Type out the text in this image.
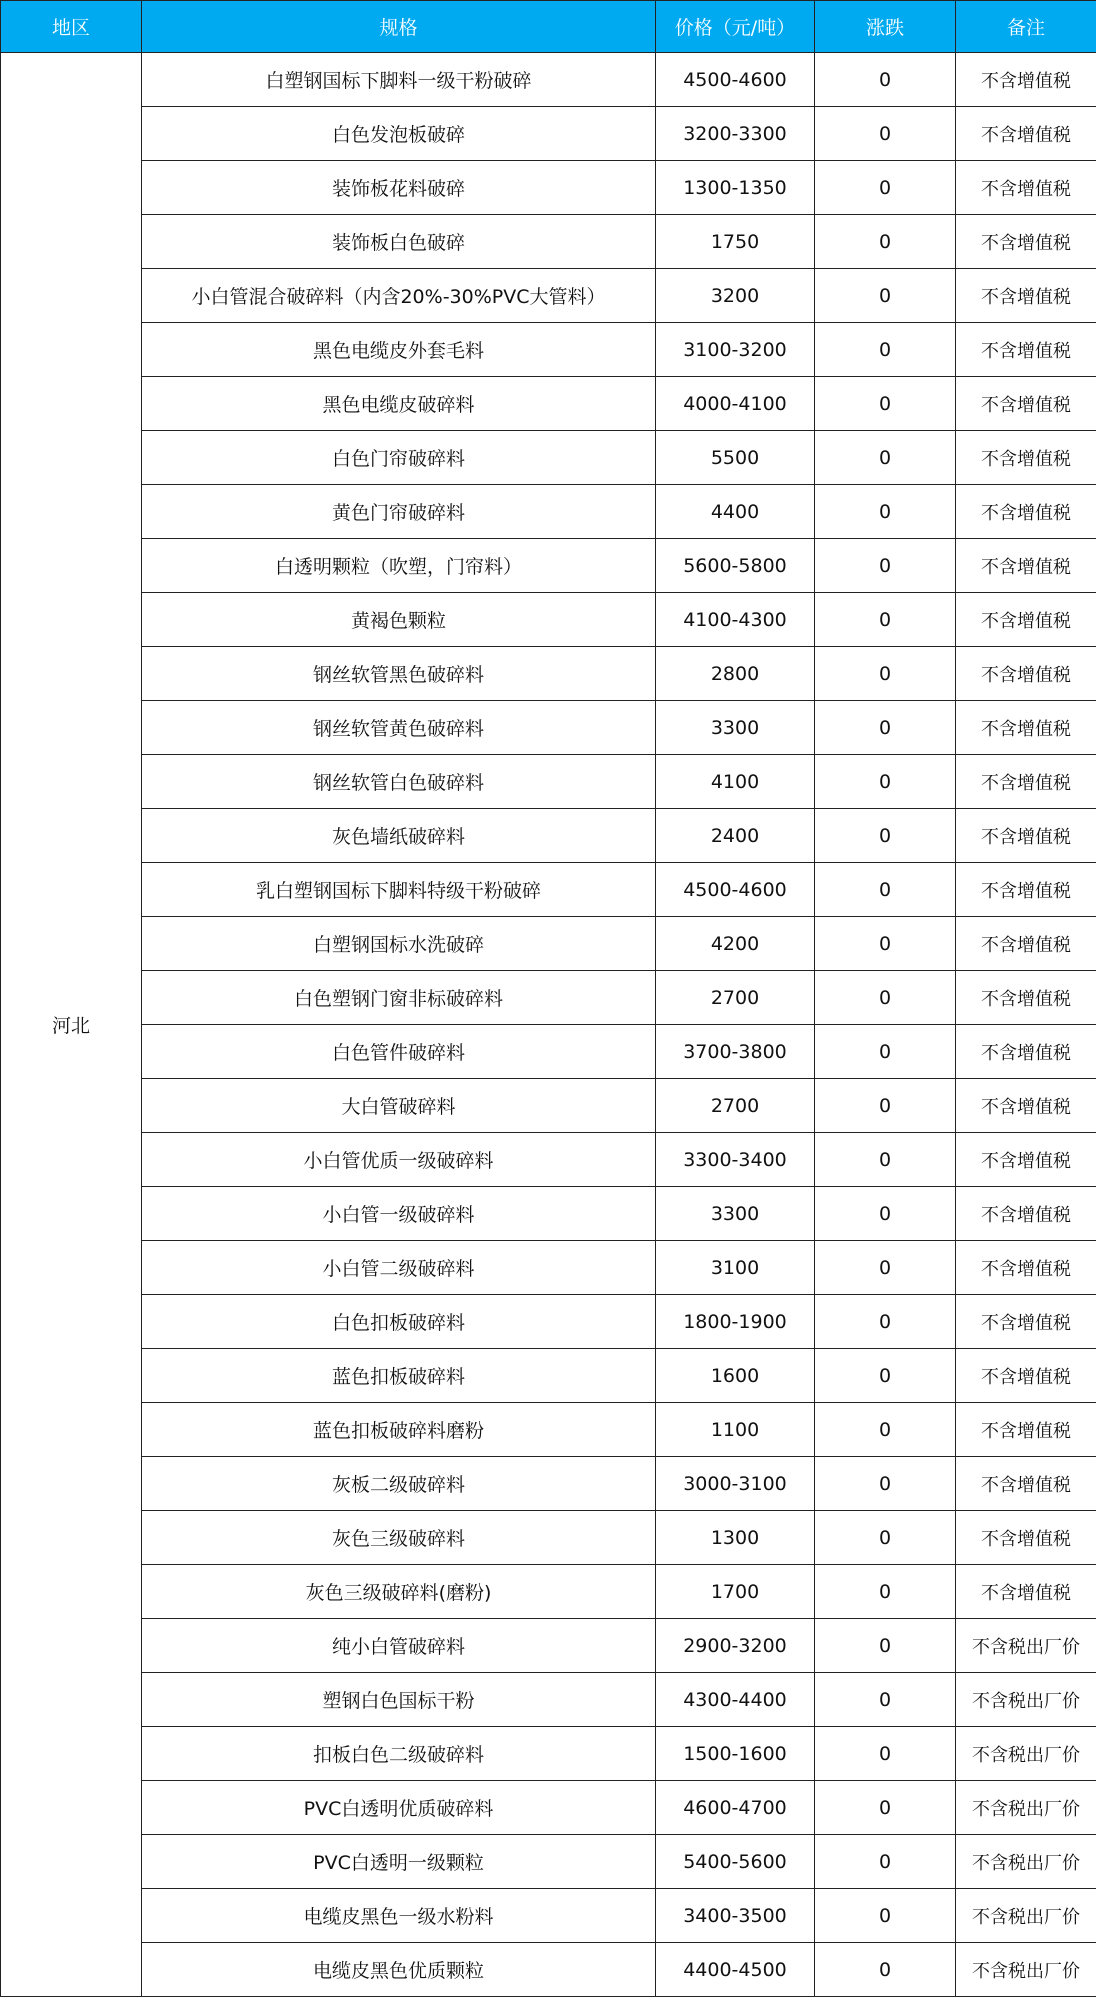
地区	规格	价格（元/吨）	涨跌	备注
河北	白塑钢国标下脚料一级干粉破碎	4500-4600	0	不含增值税
	白色发泡板破碎	3200-3300	0	不含增值税
	装饰板花料破碎	1300-1350	0	不含增值税
	装饰板白色破碎	1750	0	不含增值税
	小白管混合破碎料（内含20%-30%PVC大管料）	3200	0	不含增值税
	黑色电缆皮外套毛料	3100-3200	0	不含增值税
	黑色电缆皮破碎料	4000-4100	0	不含增值税
	白色门帘破碎料	5500	0	不含增值税
	黄色门帘破碎料	4400	0	不含增值税
	白透明颗粒（吹塑，门帘料）	5600-5800	0	不含增值税
	黄褐色颗粒	4100-4300	0	不含增值税
	钢丝软管黑色破碎料	2800	0	不含增值税
	钢丝软管黄色破碎料	3300	0	不含增值税
	钢丝软管白色破碎料	4100	0	不含增值税
	灰色墙纸破碎料	2400	0	不含增值税
	乳白塑钢国标下脚料特级干粉破碎	4500-4600	0	不含增值税
	白塑钢国标水洗破碎	4200	0	不含增值税
	白色塑钢门窗非标破碎料	2700	0	不含增值税
	白色管件破碎料	3700-3800	0	不含增值税
	大白管破碎料	2700	0	不含增值税
	小白管优质一级破碎料	3300-3400	0	不含增值税
	小白管一级破碎料	3300	0	不含增值税
	小白管二级破碎料	3100	0	不含增值税
	白色扣板破碎料	1800-1900	0	不含增值税
	蓝色扣板破碎料	1600	0	不含增值税
	蓝色扣板破碎料磨粉	1100	0	不含增值税
	灰板二级破碎料	3000-3100	0	不含增值税
	灰色三级破碎料	1300	0	不含增值税
	灰色三级破碎料(磨粉)	1700	0	不含增值税
	纯小白管破碎料	2900-3200	0	不含税出厂价
	塑钢白色国标干粉	4300-4400	0	不含税出厂价
	扣板白色二级破碎料	1500-1600	0	不含税出厂价
	PVC白透明优质破碎料	4600-4700	0	不含税出厂价
	PVC白透明一级颗粒	5400-5600	0	不含税出厂价
	电缆皮黑色一级水粉料	3400-3500	0	不含税出厂价
	电缆皮黑色优质颗粒	4400-4500	0	不含税出厂价
